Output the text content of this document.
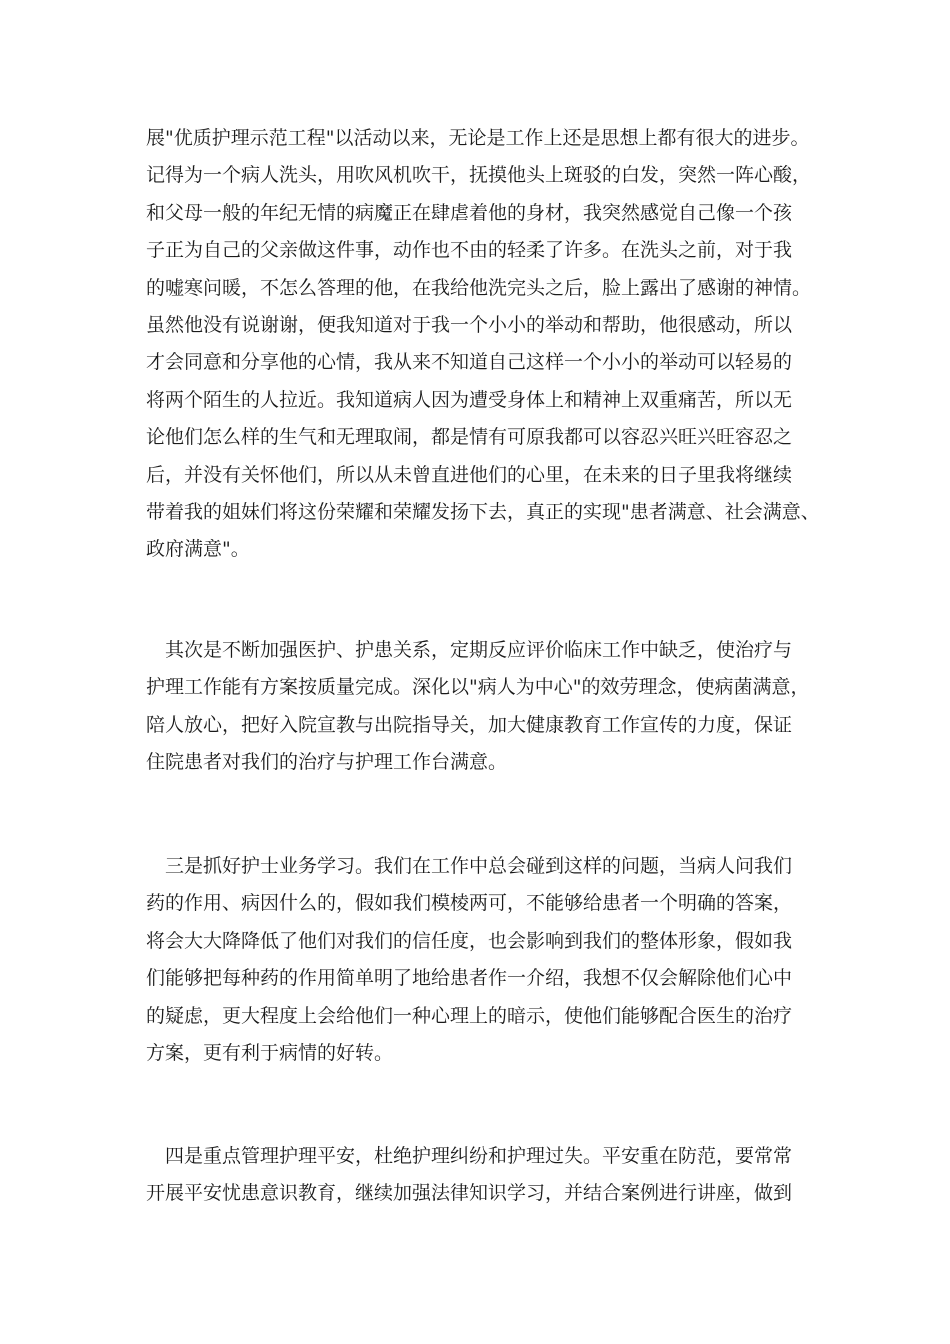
展"优质护理示范工程"以活动以来，无论是工作上还是思想上都有很大的进步。
记得为一个病人洗头，用吹风机吹干，抚摸他头上斑驳的白发，突然一阵心酸，
和父母一般的年纪无情的病魔正在肆虐着他的身材，我突然感觉自己像一个孩
子正为自己的父亲做这件事，动作也不由的轻柔了许多。在洗头之前，对于我
的嘘寒问暖，不怎么答理的他，在我给他洗完头之后，脸上露出了感谢的神情。
虽然他没有说谢谢，便我知道对于我一个小小的举动和帮助，他很感动，所以
才会同意和分享他的心情，我从来不知道自己这样一个小小的举动可以轻易的
将两个陌生的人拉近。我知道病人因为遭受身体上和精神上双重痛苦，所以无
论他们怎么样的生气和无理取闹，都是情有可原我都可以容忍兴旺兴旺容忍之
后，并没有关怀他们，所以从未曾直进他们的心里，在未来的日子里我将继续
带着我的姐妹们将这份荣耀和荣耀发扬下去，真正的实现"患者满意、社会满意、
政府满意"。
其次是不断加强医护、护患关系，定期反应评价临床工作中缺乏，使治疗与
护理工作能有方案按质量完成。深化以"病人为中心"的效劳理念，使病菌满意，
陪人放心，把好入院宣教与出院指导关，加大健康教育工作宣传的力度，保证
住院患者对我们的治疗与护理工作台满意。
三是抓好护士业务学习。我们在工作中总会碰到这样的问题，当病人问我们
药的作用、病因什么的，假如我们模棱两可，不能够给患者一个明确的答案，
将会大大降降低了他们对我们的信任度，也会影响到我们的整体形象，假如我
们能够把每种药的作用简单明了地给患者作一介绍，我想不仅会解除他们心中
的疑虑，更大程度上会给他们一种心理上的暗示，使他们能够配合医生的治疗
方案，更有利于病情的好转。
四是重点管理护理平安，杜绝护理纠纷和护理过失。平安重在防范，要常常
开展平安忧患意识教育，继续加强法律知识学习，并结合案例进行讲座，做到
